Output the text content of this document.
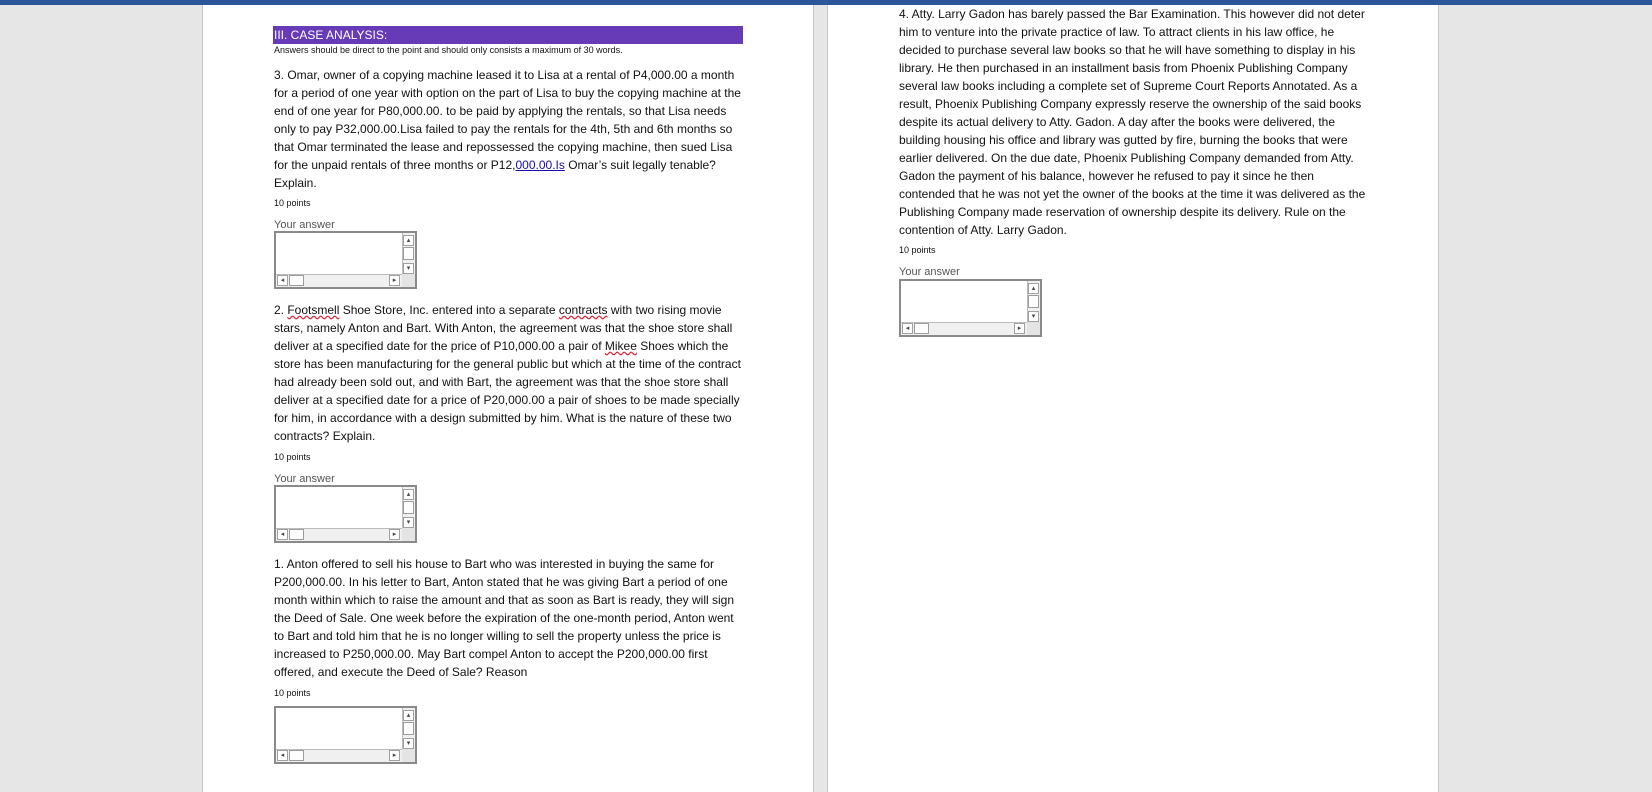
III. CASE ANALYSIS:
Answers should be direct to the point and should only consists a maximum of 30 words.
3. Omar, owner of a copying machine leased it to Lisa at a rental of P4,000.00 a month for a period of one year with option on the part of Lisa to buy the copying machine at the end of one year for P80,000.00. to be paid by applying the rentals, so that Lisa needs only to pay P32,000.00.Lisa failed to pay the rentals for the 4th, 5th and 6th months so that Omar terminated the lease and repossessed the copying machine, then sued Lisa for the unpaid rentals of three months or P12,000.00.Is Omar’s suit legally tenable? Explain.
10 points
Your answer
▴
▾
◂	▸
2. Footsmell Shoe Store, Inc. entered into a separate contracts with two rising movie stars, namely Anton and Bart. With Anton, the agreement was that the shoe store shall deliver at a specified date for the price of P10,000.00 a pair of Mikee Shoes which the store has been manufacturing for the general public but which at the time of the contract had already been sold out, and with Bart, the agreement was that the shoe store shall deliver at a specified date for a price of P20,000.00 a pair of shoes to be made specially for him, in accordance with a design submitted by him. What is the nature of these two contracts? Explain.
10 points
Your answer
▴
▾
◂	▸
1. Anton offered to sell his house to Bart who was interested in buying the same for P200,000.00. In his letter to Bart, Anton stated that he was giving Bart a period of one month within which to raise the amount and that as soon as Bart is ready, they will sign the Deed of Sale. One week before the expiration of the one-month period, Anton went to Bart and told him that he is no longer willing to sell the property unless the price is increased to P250,000.00. May Bart compel Anton to accept the P200,000.00 first offered, and execute the Deed of Sale? Reason
10 points
▴
▾
◂	▸
4. Atty. Larry Gadon has barely passed the Bar Examination. This however did not deter him to venture into the private practice of law. To attract clients in his law office, he decided to purchase several law books so that he will have something to display in his library. He then purchased in an installment basis from Phoenix Publishing Company several law books including a complete set of Supreme Court Reports Annotated. As a result, Phoenix Publishing Company expressly reserve the ownership of the said books despite its actual delivery to Atty. Gadon. A day after the books were delivered, the building housing his office and library was gutted by fire, burning the books that were earlier delivered. On the due date, Phoenix Publishing Company demanded from Atty. Gadon the payment of his balance, however he refused to pay it since he then contended that he was not yet the owner of the books at the time it was delivered as the Publishing Company made reservation of ownership despite its delivery. Rule on the contention of Atty. Larry Gadon.
10 points
Your answer
▴
▾
◂	▸
